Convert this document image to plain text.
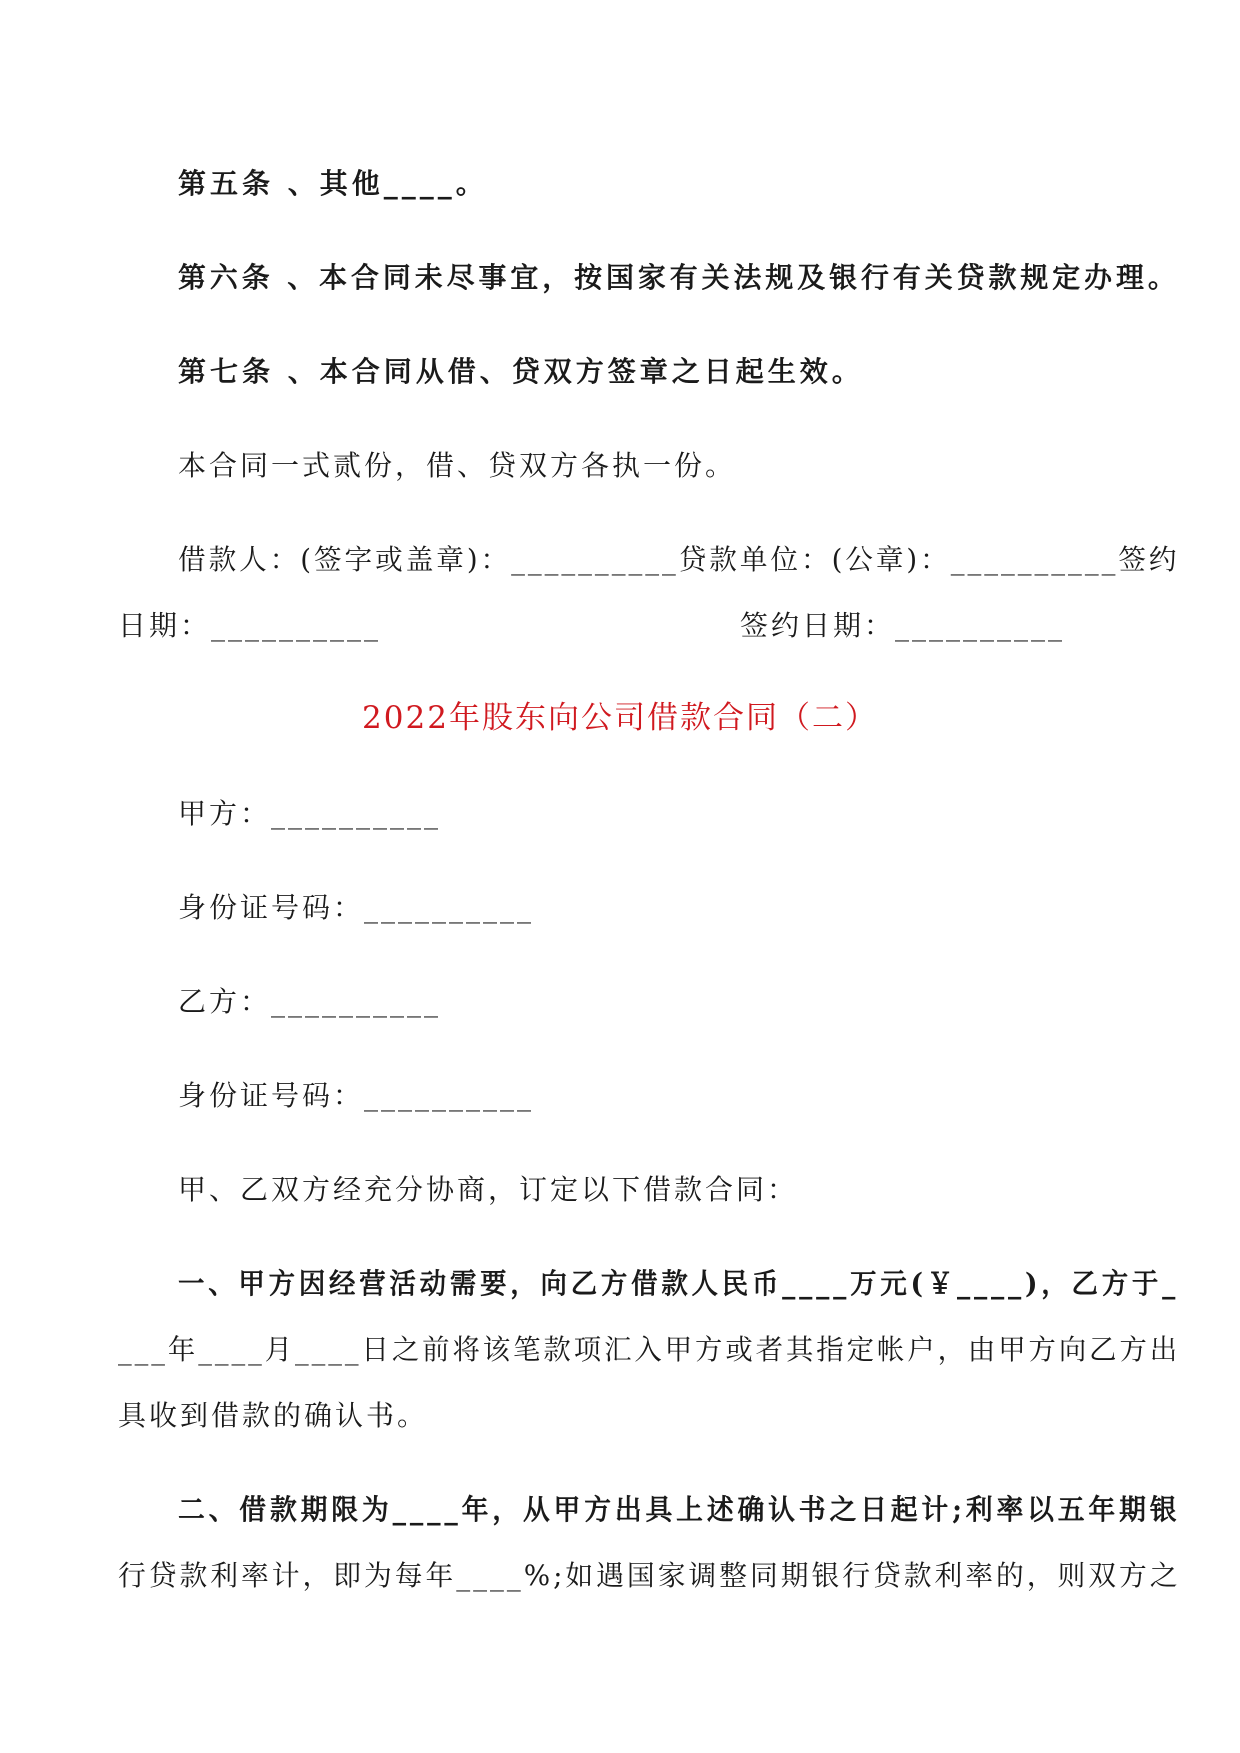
第五条 、其他____。
第六条 、本合同未尽事宜，按国家有关法规及银行有关贷款规定办理。
第七条 、本合同从借、贷双方签章之日起生效。
本合同一式贰份，借、贷双方各执一份。
借款人：(签字或盖章)：__________贷款单位：(公章)：__________签约
日期：__________	签约日期：__________
2022年股东向公司借款合同（二）
甲方：__________
身份证号码：__________
乙方：__________
身份证号码：__________
甲、乙双方经充分协商，订定以下借款合同：
一、甲方因经营活动需要，向乙方借款人民币____万元(￥____)，乙方于_
___年____月____日之前将该笔款项汇入甲方或者其指定帐户，由甲方向乙方出
具收到借款的确认书。
二、借款期限为____年，从甲方出具上述确认书之日起计;利率以五年期银
行贷款利率计，即为每年____%;如遇国家调整同期银行贷款利率的，则双方之
